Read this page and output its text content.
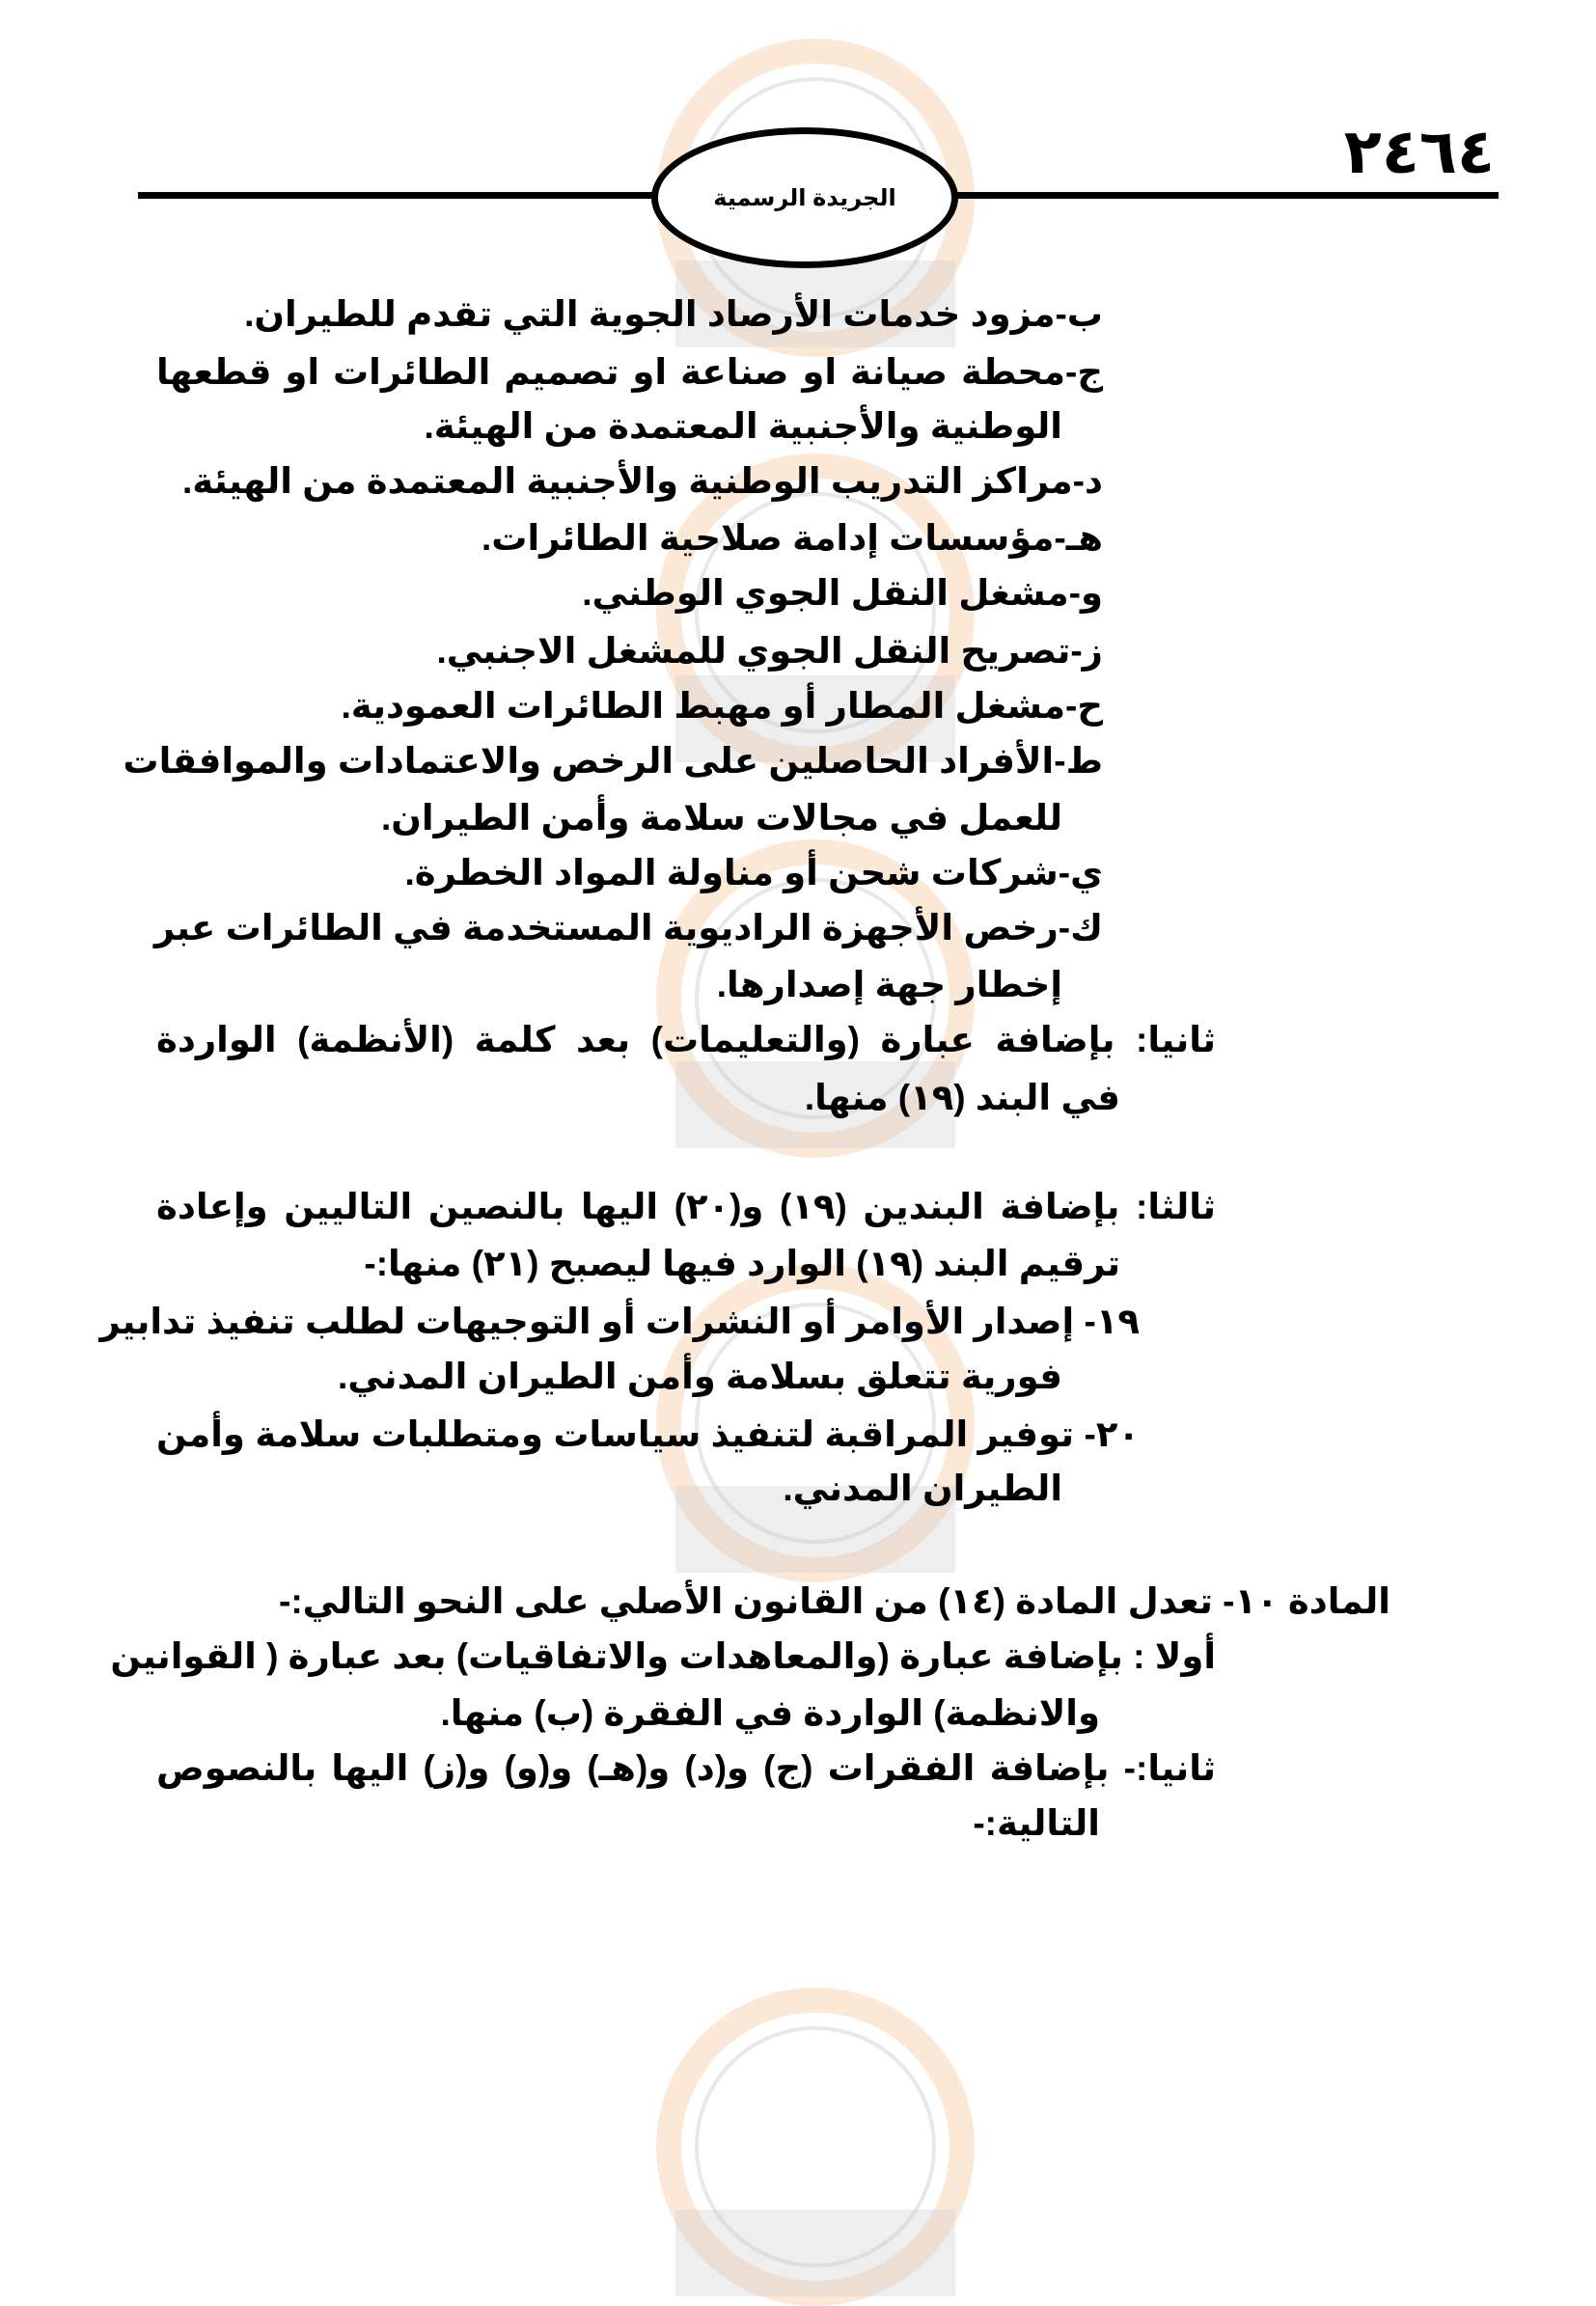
الجريدة الرسمية
٢٤٦٤
ب-مزود خدمات الأرصاد الجوية التي تقدم للطيران.
ج-محطة صيانة او صناعة او تصميم الطائرات او قطعها
الوطنية والأجنبية المعتمدة من الهيئة.
د-مراكز التدريب الوطنية والأجنبية المعتمدة من الهيئة.
هـ-مؤسسات إدامة صلاحية الطائرات.
و-مشغل النقل الجوي الوطني.
ز-تصريح النقل الجوي للمشغل الاجنبي.
ح-مشغل المطار أو مهبط الطائرات العمودية.
ط-الأفراد الحاصلين على الرخص والاعتمادات والموافقات
للعمل في مجالات سلامة وأمن الطيران.
ي-شركات شحن أو مناولة المواد الخطرة.
ك-رخص الأجهزة الراديوية المستخدمة في الطائرات عبر
إخطار جهة إصدارها.
ثانيا: بإضافة عبارة (والتعليمات) بعد كلمة (الأنظمة) الواردة
في البند (١٩) منها.
ثالثا: بإضافة البندين (١٩) و(٢٠) اليها بالنصين التاليين وإعادة
ترقيم البند (١٩) الوارد فيها ليصبح (٢١) منها:-
١٩- إصدار الأوامر أو النشرات أو التوجيهات لطلب تنفيذ تدابير
فورية تتعلق بسلامة وأمن الطيران المدني.
٢٠- توفير المراقبة لتنفيذ سياسات ومتطلبات سلامة وأمن
الطيران المدني.
المادة ١٠- تعدل المادة (١٤) من القانون الأصلي على النحو التالي:-
أولا : بإضافة عبارة (والمعاهدات والاتفاقيات) بعد عبارة ( القوانين
والانظمة) الواردة في الفقرة (ب) منها.
ثانيا:- بإضافة الفقرات (ج) و(د) و(هـ) و(و) و(ز) اليها بالنصوص
التالية:-
